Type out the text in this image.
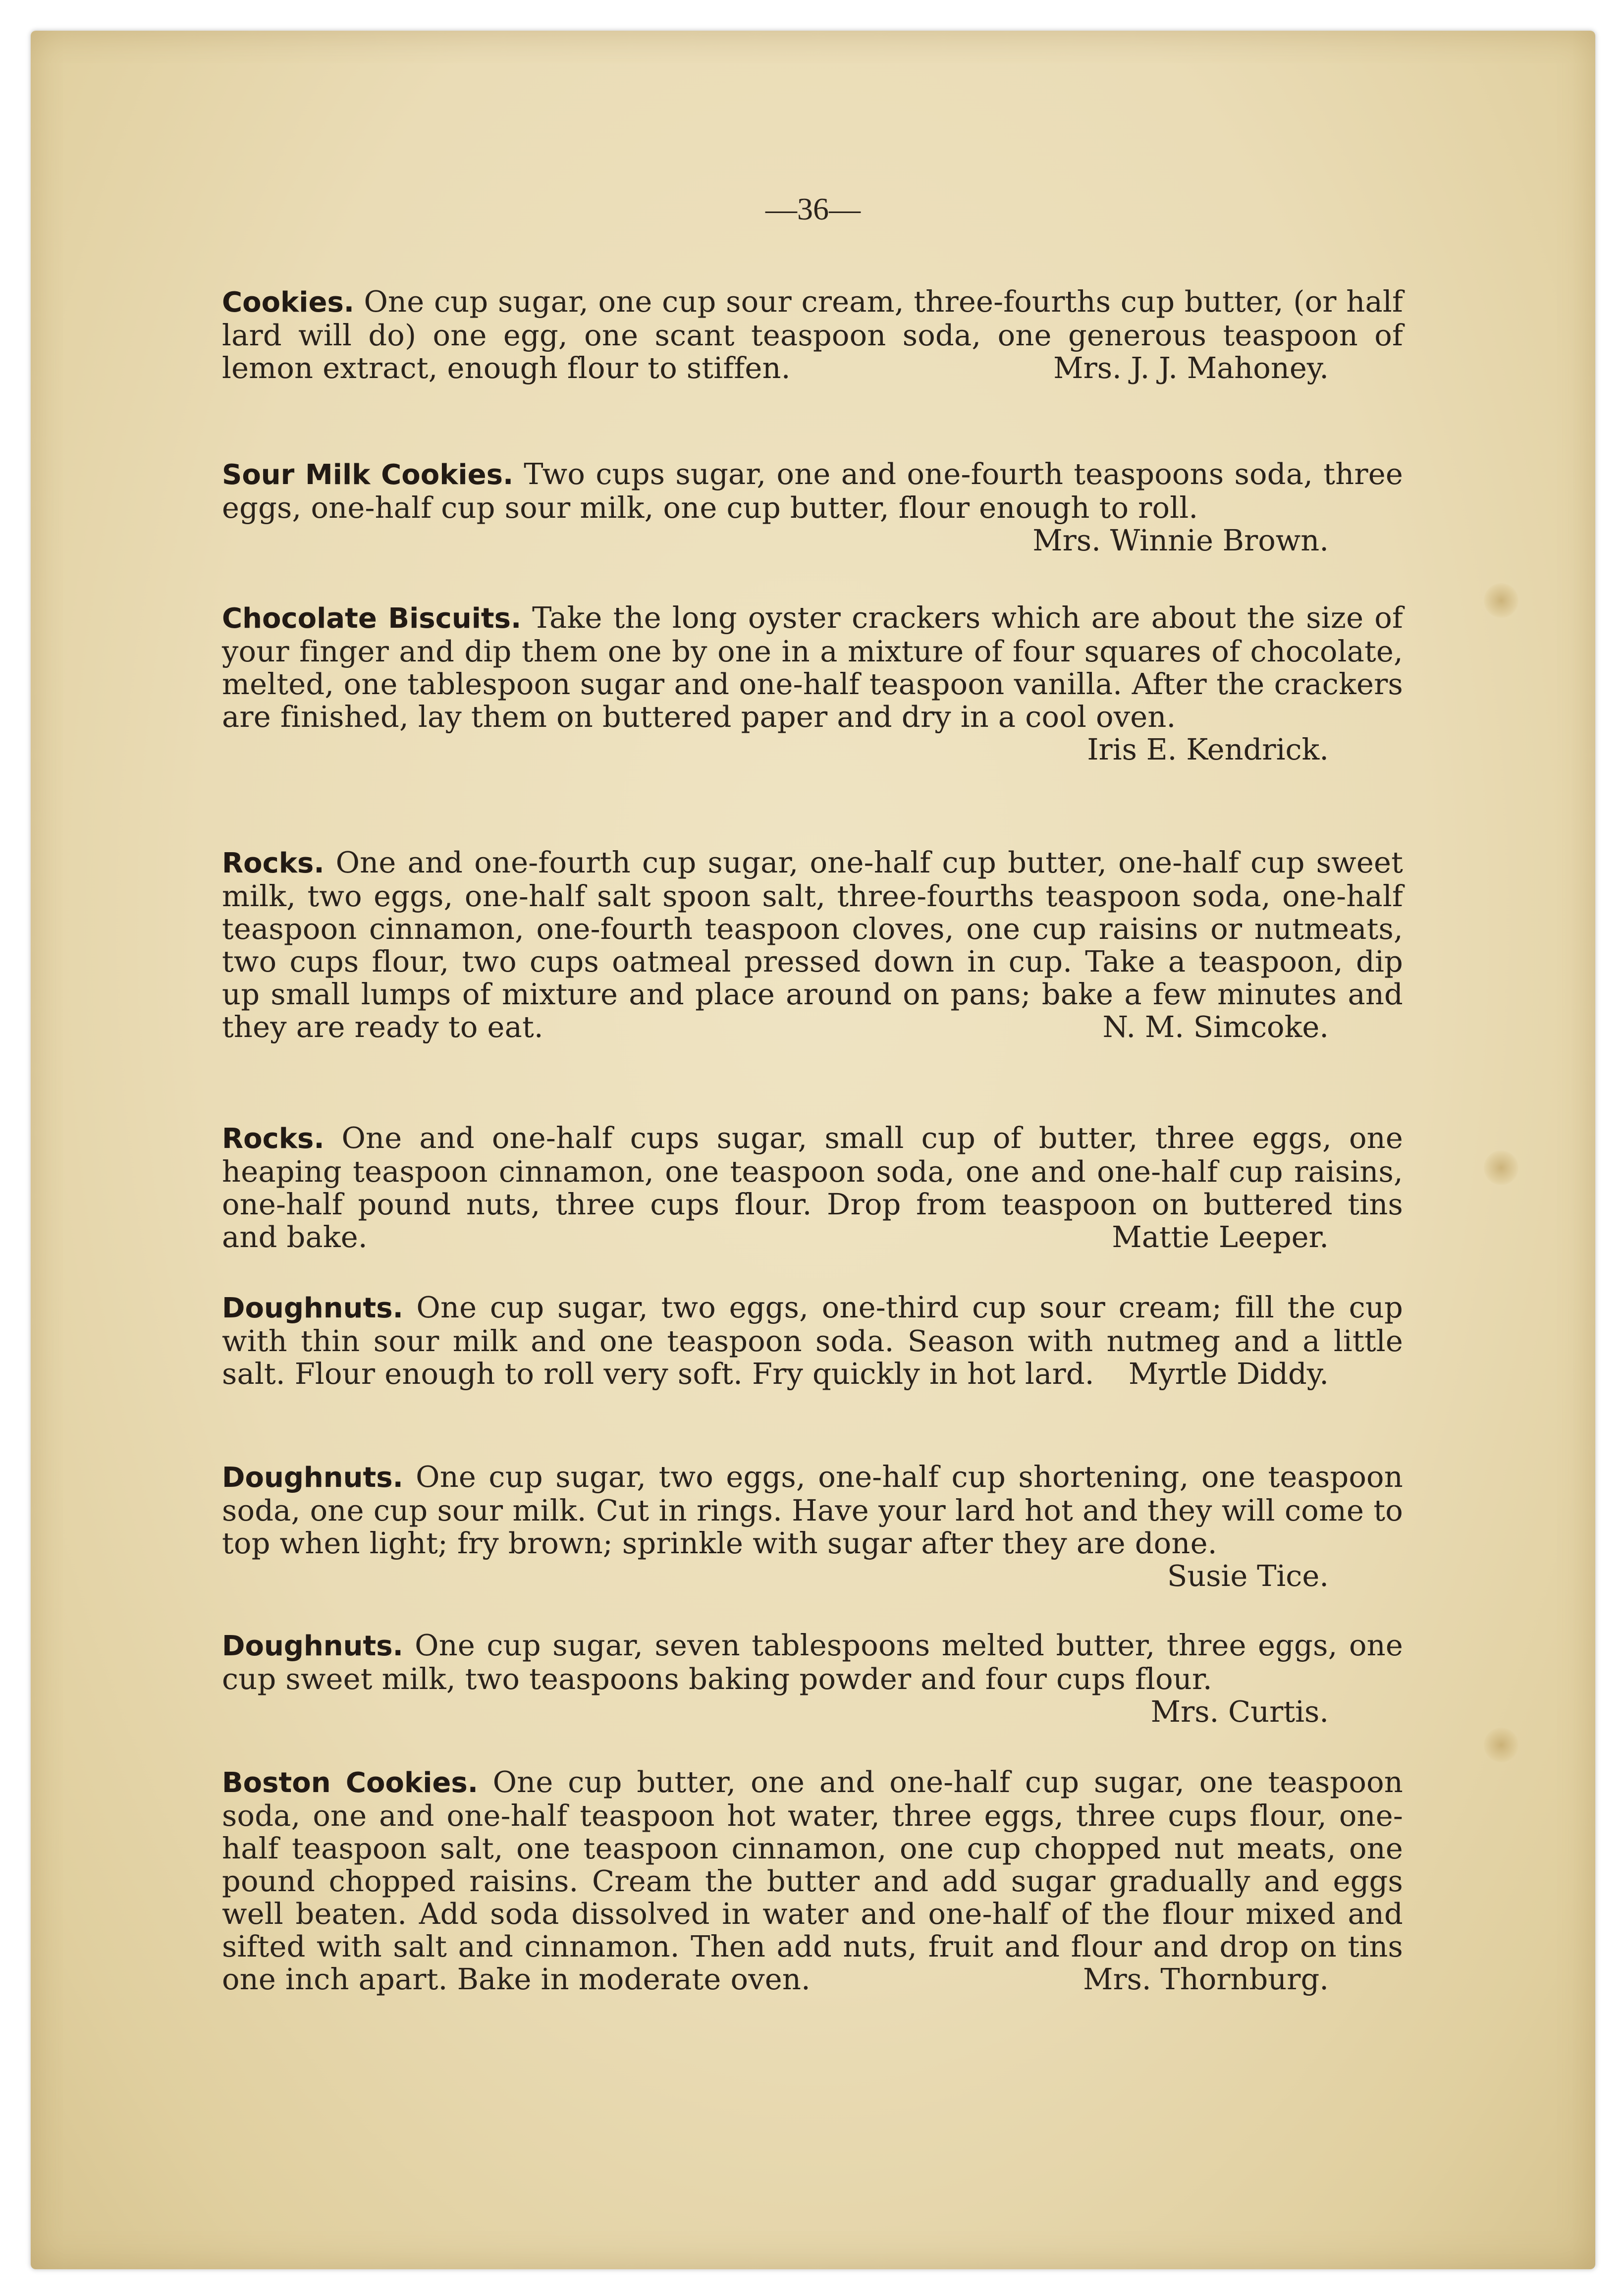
—36—

Cookies. One cup sugar, one cup sour cream, three-fourths cup butter, (or half lard will do) one egg, one scant teaspoon soda, one generous teaspoon of lemon extract, enough flour to stiffen.	Mrs. J. J. Mahoney.

Sour Milk Cookies. Two cups sugar, one and one-fourth teaspoons soda, three eggs, one-half cup sour milk, one cup butter, flour enough to roll.
Mrs. Winnie Brown.

Chocolate Biscuits. Take the long oyster crackers which are about the size of your finger and dip them one by one in a mixture of four squares of chocolate, melted, one tablespoon sugar and one-half teaspoon vanilla. After the crackers are finished, lay them on buttered paper and dry in a cool oven.
Iris E. Kendrick.

Rocks. One and one-fourth cup sugar, one-half cup butter, one-half cup sweet milk, two eggs, one-half salt spoon salt, three-fourths teaspoon soda, one-half teaspoon cinnamon, one-fourth teaspoon cloves, one cup raisins or nutmeats, two cups flour, two cups oatmeal pressed down in cup. Take a teaspoon, dip up small lumps of mixture and place around on pans; bake a few minutes and they are ready to eat.	N. M. Simcoke.

Rocks. One and one-half cups sugar, small cup of butter, three eggs, one heaping teaspoon cinnamon, one teaspoon soda, one and one-half cup raisins, one-half pound nuts, three cups flour. Drop from teaspoon on buttered tins and bake.	Mattie Leeper.

Doughnuts. One cup sugar, two eggs, one-third cup sour cream; fill the cup with thin sour milk and one teaspoon soda. Season with nutmeg and a little salt. Flour enough to roll very soft. Fry quickly in hot lard. Myrtle Diddy.

Doughnuts. One cup sugar, two eggs, one-half cup shortening, one teaspoon soda, one cup sour milk. Cut in rings. Have your lard hot and they will come to top when light; fry brown; sprinkle with sugar after they are done.
Susie Tice.

Doughnuts. One cup sugar, seven tablespoons melted butter, three eggs, one cup sweet milk, two teaspoons baking powder and four cups flour.
Mrs. Curtis.

Boston Cookies. One cup butter, one and one-half cup sugar, one teaspoon soda, one and one-half teaspoon hot water, three eggs, three cups flour, one-half teaspoon salt, one teaspoon cinnamon, one cup chopped nut meats, one pound chopped raisins. Cream the butter and add sugar gradually and eggs well beaten. Add soda dissolved in water and one-half of the flour mixed and sifted with salt and cinnamon. Then add nuts, fruit and flour and drop on tins one inch apart. Bake in moderate oven.	Mrs. Thornburg.
